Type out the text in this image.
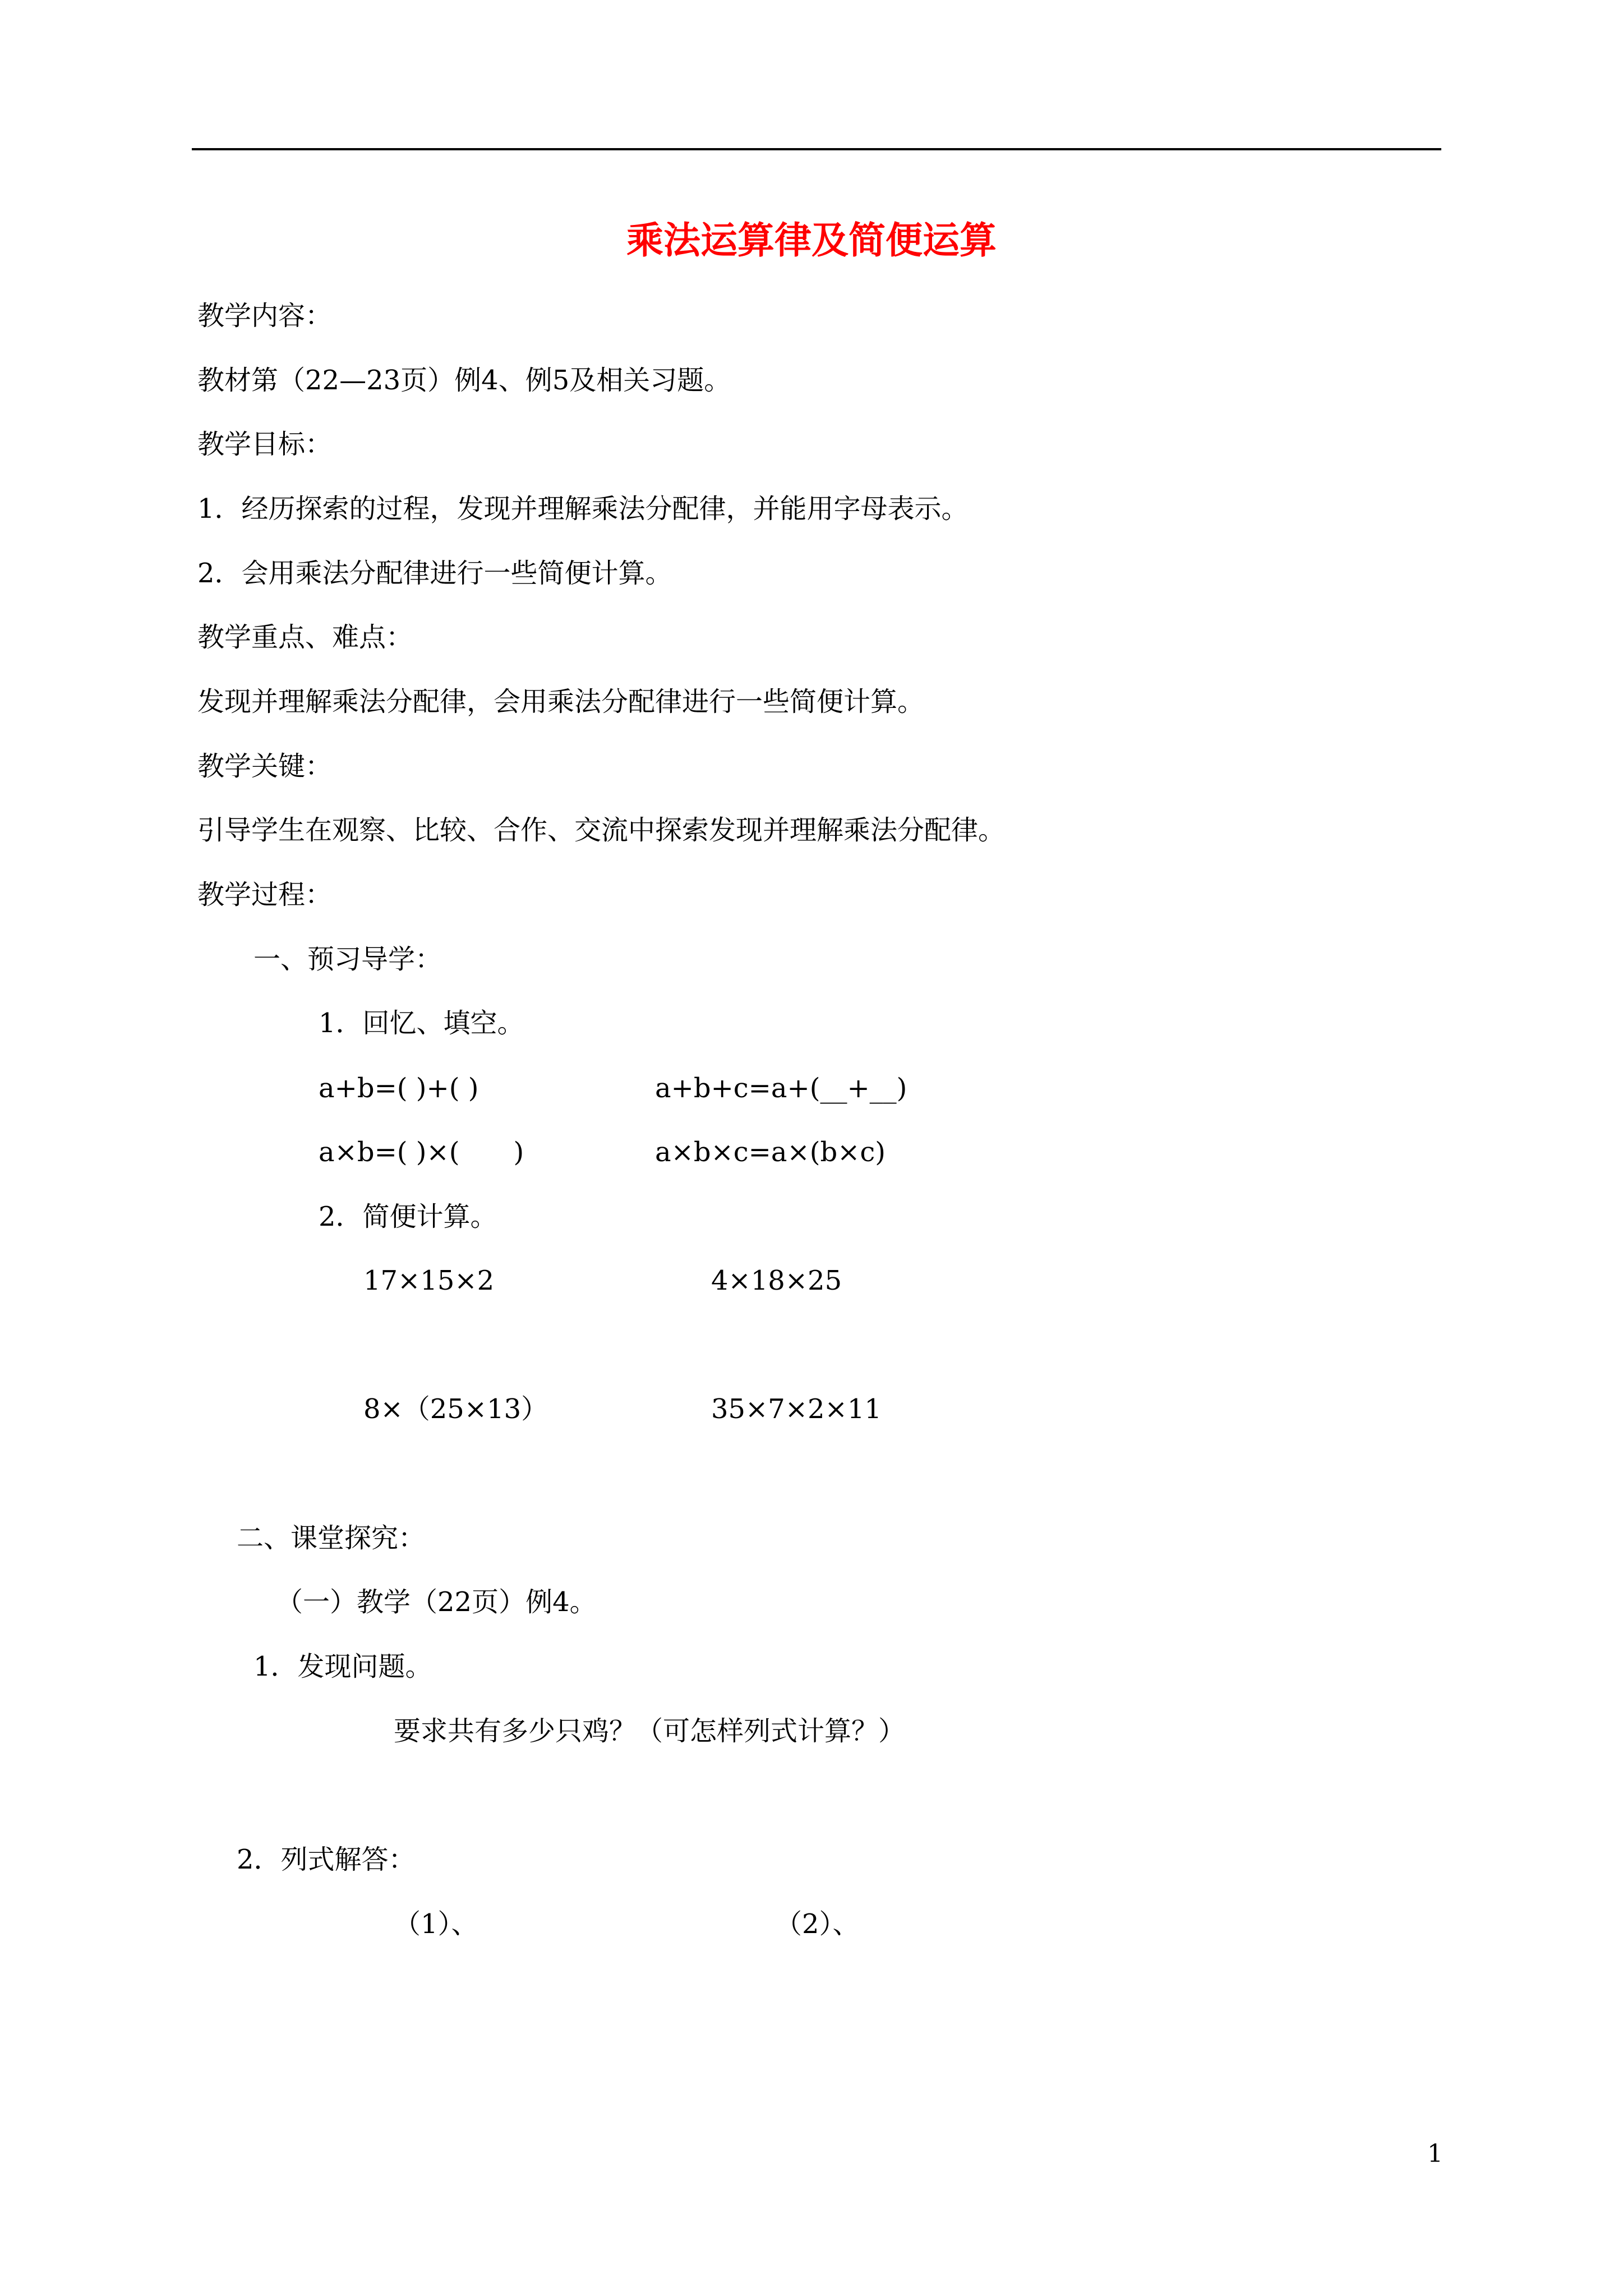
乘法运算律及简便运算
教学内容：
教材第（22—23页）例4、例5及相关习题。
教学目标：
1．经历探索的过程，发现并理解乘法分配律，并能用字母表示。
2．会用乘法分配律进行一些简便计算。
教学重点、难点：
发现并理解乘法分配律，会用乘法分配律进行一些简便计算。
教学关键：
引导学生在观察、比较、合作、交流中探索发现并理解乘法分配律。
教学过程：
一、预习导学：
1．回忆、填空。
a+b=( )+( )	a+b+c=a+(__+__)
a×b=( )×(　　)	a×b×c=a×(b×c)
2．简便计算。
17×15×2	4×18×25
8×（25×13）	35×7×2×11
二、课堂探究：
（一）教学（22页）例4。
1．发现问题。
要求共有多少只鸡？（可怎样列式计算？）
2．列式解答：
（1）、	（2）、
1
